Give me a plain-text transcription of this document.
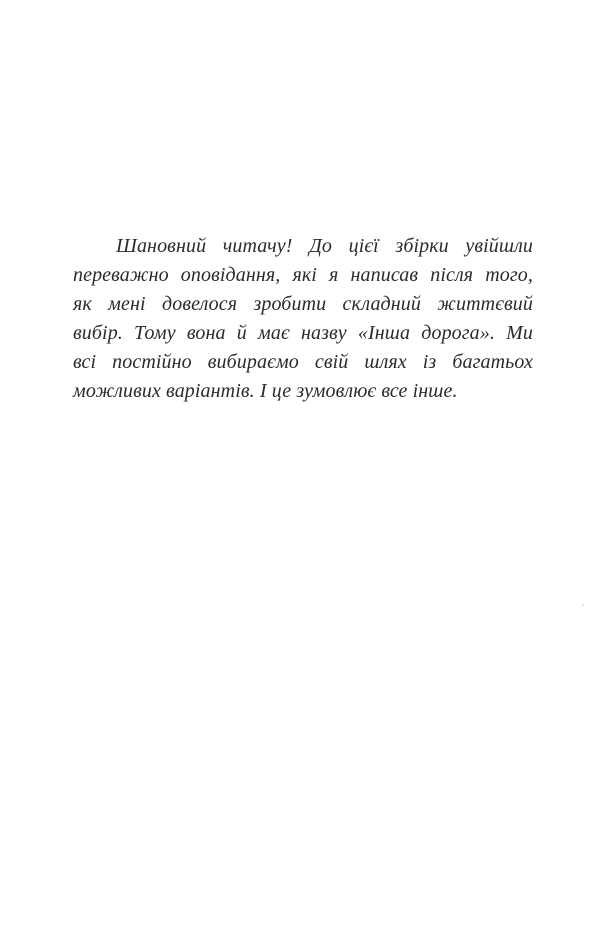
Шановний читачу! До цієї збірки увійшли
переважно оповідання, які я написав після того,
як мені довелося зробити складний життєвий
вибір. Тому вона й має назву «Інша дорога». Ми
всі постійно вибираємо свій шлях із багатьох
можливих варіантів. І це зумовлює все інше.
